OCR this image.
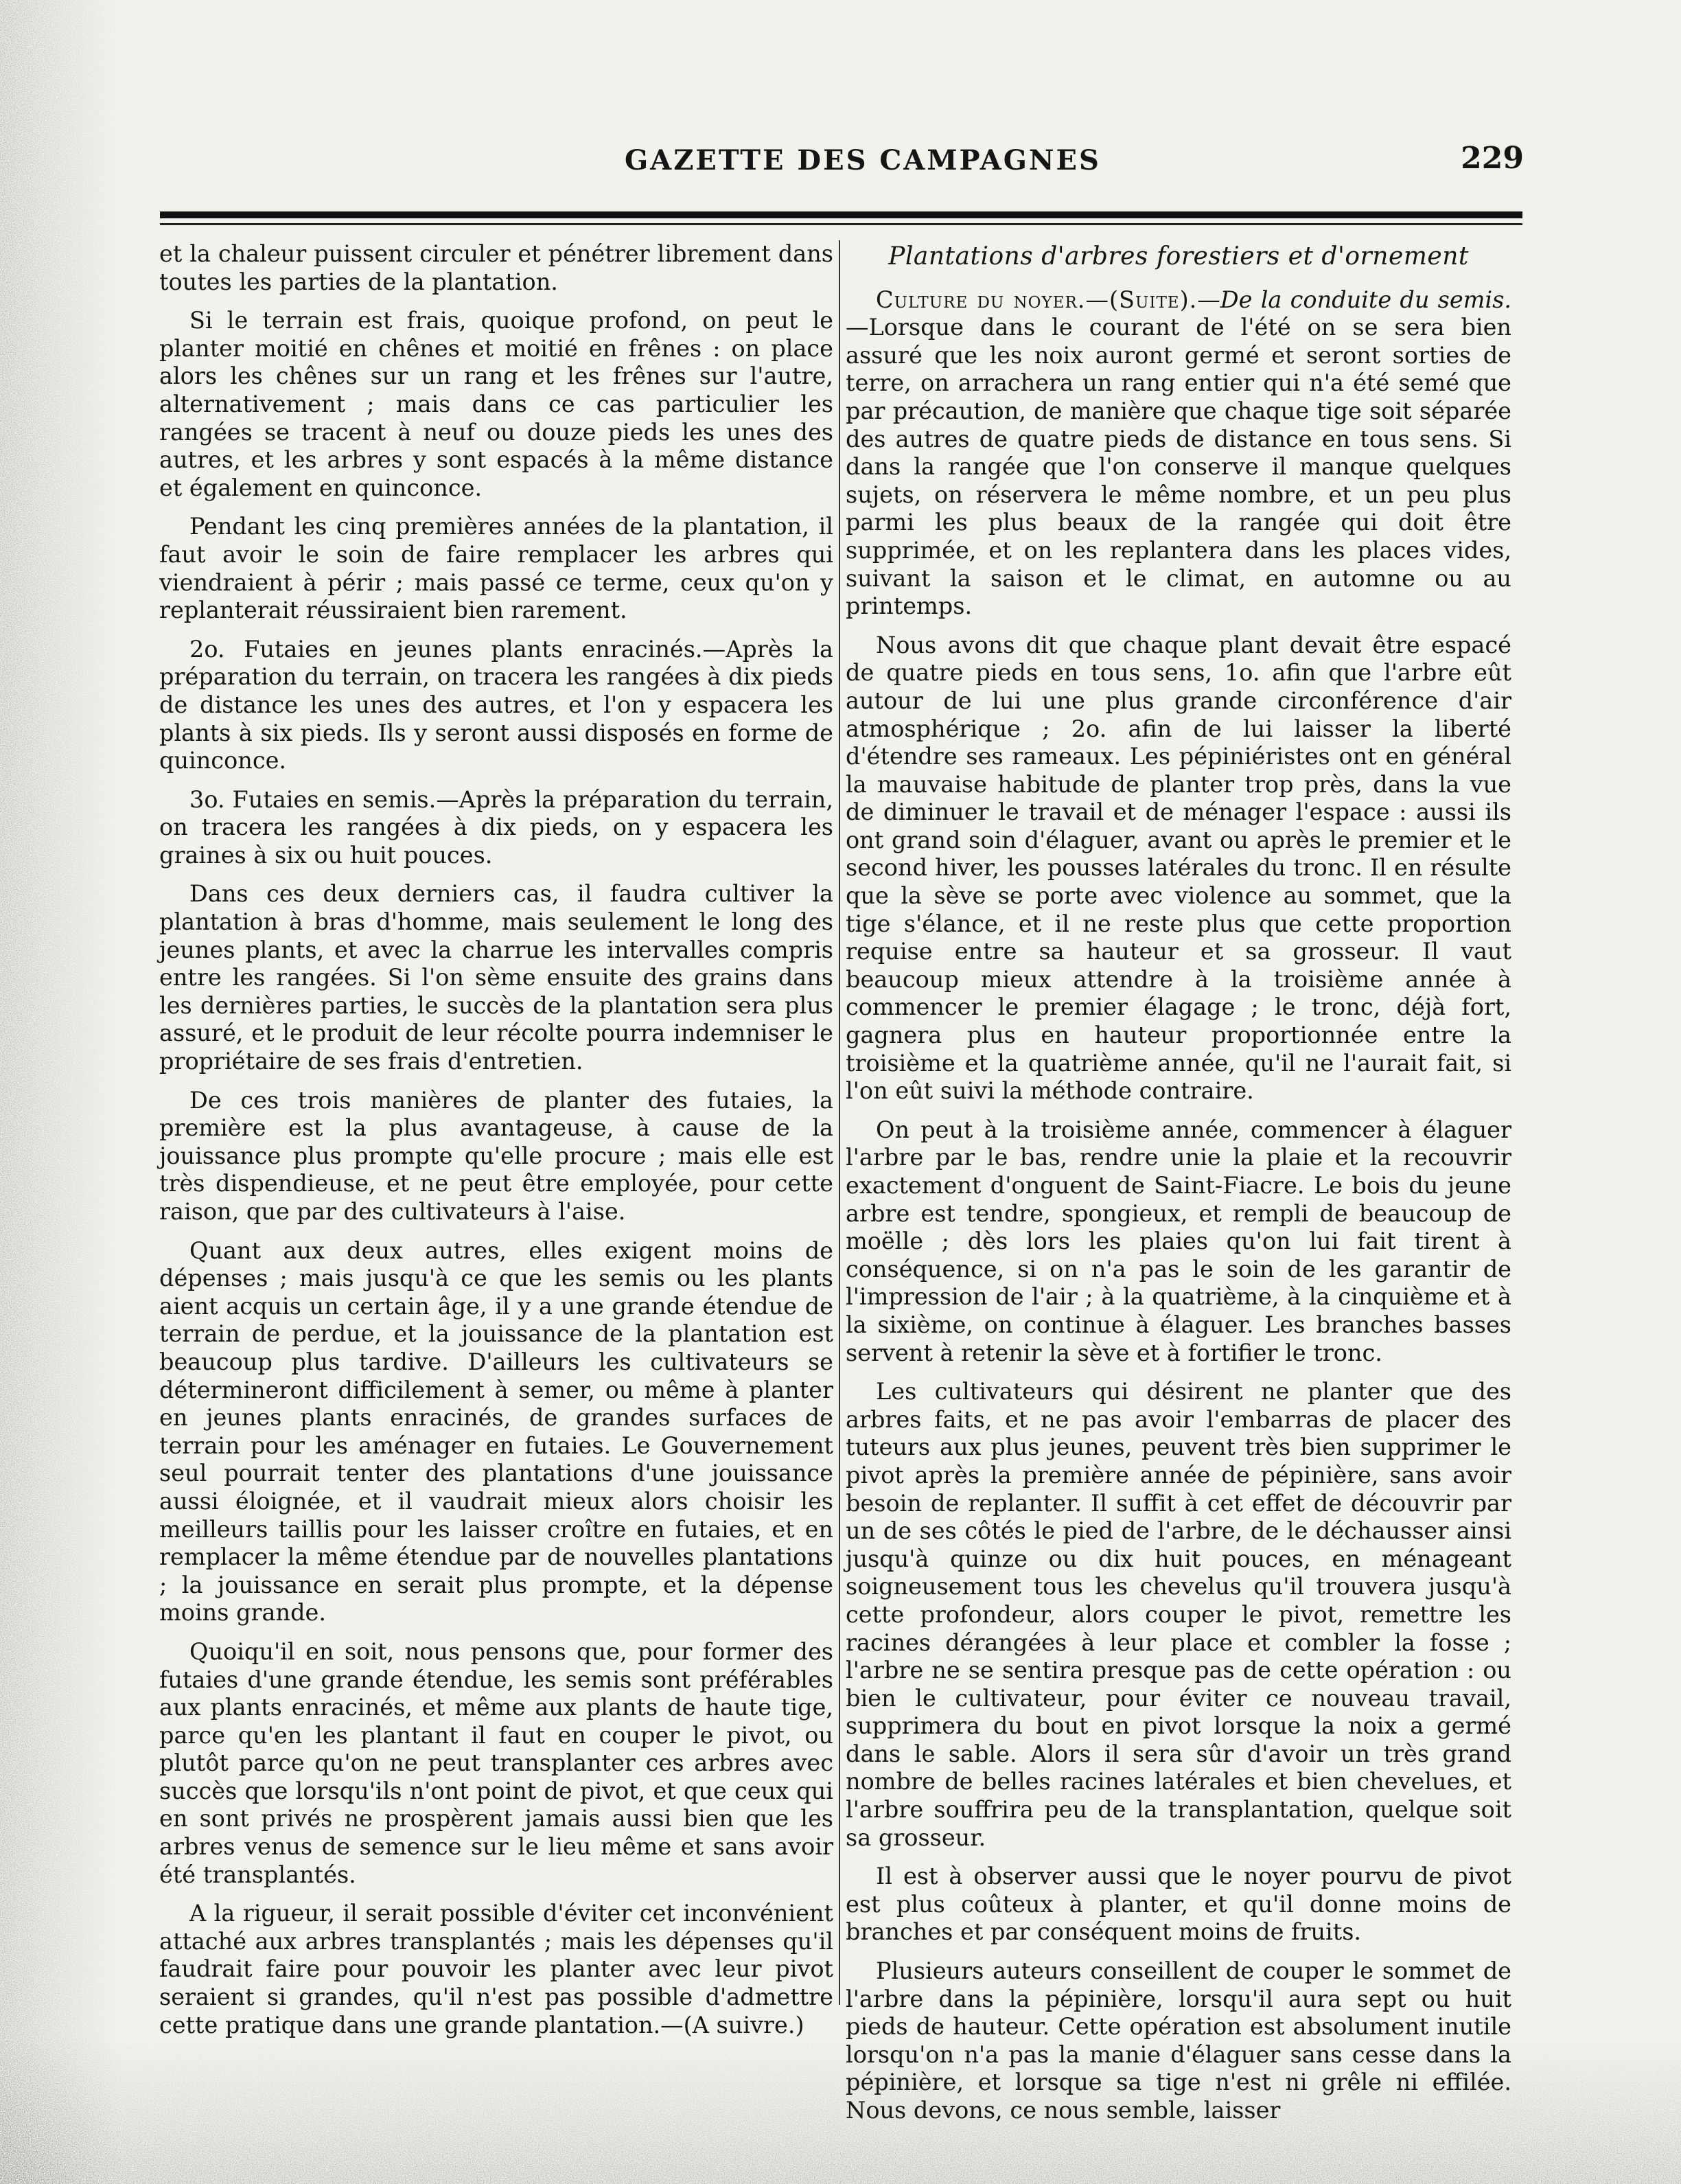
GAZETTE DES CAMPAGNES	229

et la chaleur puissent circuler et pénétrer librement dans toutes les parties de la plantation.

Si le terrain est frais, quoique profond, on peut le planter moitié en chênes et moitié en frênes : on place alors les chênes sur un rang et les frênes sur l'autre, alternativement ; mais dans ce cas particulier les rangées se tracent à neuf ou douze pieds les unes des autres, et les arbres y sont espacés à la même distance et également en quinconce.

Pendant les cinq premières années de la plantation, il faut avoir le soin de faire remplacer les arbres qui viendraient à périr ; mais passé ce terme, ceux qu'on y replanterait réussiraient bien rarement.

2o. Futaies en jeunes plants enracinés.—Après la préparation du terrain, on tracera les rangées à dix pieds de distance les unes des autres, et l'on y espacera les plants à six pieds. Ils y seront aussi disposés en forme de quinconce.

3o. Futaies en semis.—Après la préparation du terrain, on tracera les rangées à dix pieds, on y espacera les graines à six ou huit pouces.

Dans ces deux derniers cas, il faudra cultiver la plantation à bras d'homme, mais seulement le long des jeunes plants, et avec la charrue les intervalles compris entre les rangées. Si l'on sème ensuite des grains dans les dernières parties, le succès de la plantation sera plus assuré, et le produit de leur récolte pourra indemniser le propriétaire de ses frais d'entretien.

De ces trois manières de planter des futaies, la première est la plus avantageuse, à cause de la jouissance plus prompte qu'elle procure ; mais elle est très dispendieuse, et ne peut être employée, pour cette raison, que par des cultivateurs à l'aise.

Quant aux deux autres, elles exigent moins de dépenses ; mais jusqu'à ce que les semis ou les plants aient acquis un certain âge, il y a une grande étendue de terrain de perdue, et la jouissance de la plantation est beaucoup plus tardive. D'ailleurs les cultivateurs se détermineront difficilement à semer, ou même à planter en jeunes plants enracinés, de grandes surfaces de terrain pour les aménager en futaies. Le Gouvernement seul pourrait tenter des plantations d'une jouissance aussi éloignée, et il vaudrait mieux alors choisir les meilleurs taillis pour les laisser croître en futaies, et en remplacer la même étendue par de nouvelles plantations ; la jouissance en serait plus prompte, et la dépense moins grande.

Quoiqu'il en soit, nous pensons que, pour former des futaies d'une grande étendue, les semis sont préférables aux plants enracinés, et même aux plants de haute tige, parce qu'en les plantant il faut en couper le pivot, ou plutôt parce qu'on ne peut transplanter ces arbres avec succès que lorsqu'ils n'ont point de pivot, et que ceux qui en sont privés ne prospèrent jamais aussi bien que les arbres venus de semence sur le lieu même et sans avoir été transplantés.

A la rigueur, il serait possible d'éviter cet inconvénient attaché aux arbres transplantés ; mais les dépenses qu'il faudrait faire pour pouvoir les planter avec leur pivot seraient si grandes, qu'il n'est pas possible d'admettre cette pratique dans une grande plantation.—(A suivre.)

Plantations d'arbres forestiers et d'ornement

Culture du noyer.—(Suite).—De la conduite du semis.—Lorsque dans le courant de l'été on se sera bien assuré que les noix auront germé et seront sorties de terre, on arrachera un rang entier qui n'a été semé que par précaution, de manière que chaque tige soit séparée des autres de quatre pieds de distance en tous sens. Si dans la rangée que l'on conserve il manque quelques sujets, on réservera le même nombre, et un peu plus parmi les plus beaux de la rangée qui doit être supprimée, et on les replantera dans les places vides, suivant la saison et le climat, en automne ou au printemps.

Nous avons dit que chaque plant devait être espacé de quatre pieds en tous sens, 1o. afin que l'arbre eût autour de lui une plus grande circonférence d'air atmosphérique ; 2o. afin de lui laisser la liberté d'étendre ses rameaux. Les pépiniéristes ont en général la mauvaise habitude de planter trop près, dans la vue de diminuer le travail et de ménager l'espace : aussi ils ont grand soin d'élaguer, avant ou après le premier et le second hiver, les pousses latérales du tronc. Il en résulte que la sève se porte avec violence au sommet, que la tige s'élance, et il ne reste plus que cette proportion requise entre sa hauteur et sa grosseur. Il vaut beaucoup mieux attendre à la troisième année à commencer le premier élagage ; le tronc, déjà fort, gagnera plus en hauteur proportionnée entre la troisième et la quatrième année, qu'il ne l'aurait fait, si l'on eût suivi la méthode contraire.

On peut à la troisième année, commencer à élaguer l'arbre par le bas, rendre unie la plaie et la recouvrir exactement d'onguent de Saint-Fiacre. Le bois du jeune arbre est tendre, spongieux, et rempli de beaucoup de moëlle ; dès lors les plaies qu'on lui fait tirent à conséquence, si on n'a pas le soin de les garantir de l'impression de l'air ; à la quatrième, à la cinquième et à la sixième, on continue à élaguer. Les branches basses servent à retenir la sève et à fortifier le tronc.

Les cultivateurs qui désirent ne planter que des arbres faits, et ne pas avoir l'embarras de placer des tuteurs aux plus jeunes, peuvent très bien supprimer le pivot après la première année de pépinière, sans avoir besoin de replanter. Il suffit à cet effet de découvrir par un de ses côtés le pied de l'arbre, de le déchausser ainsi jusqu'à quinze ou dix huit pouces, en ménageant soigneusement tous les chevelus qu'il trouvera jusqu'à cette profondeur, alors couper le pivot, remettre les racines dérangées à leur place et combler la fosse ; l'arbre ne se sentira presque pas de cette opération : ou bien le cultivateur, pour éviter ce nouveau travail, supprimera du bout en pivot lorsque la noix a germé dans le sable. Alors il sera sûr d'avoir un très grand nombre de belles racines latérales et bien chevelues, et l'arbre souffrira peu de la transplantation, quelque soit sa grosseur.

Il est à observer aussi que le noyer pourvu de pivot est plus coûteux à planter, et qu'il donne moins de branches et par conséquent moins de fruits.

Plusieurs auteurs conseillent de couper le sommet de l'arbre dans la pépinière, lorsqu'il aura sept ou huit pieds de hauteur. Cette opération est absolument inutile lorsqu'on n'a pas la manie d'élaguer sans cesse dans la pépinière, et lorsque sa tige n'est ni grêle ni effilée. Nous devons, ce nous semble, laisser
